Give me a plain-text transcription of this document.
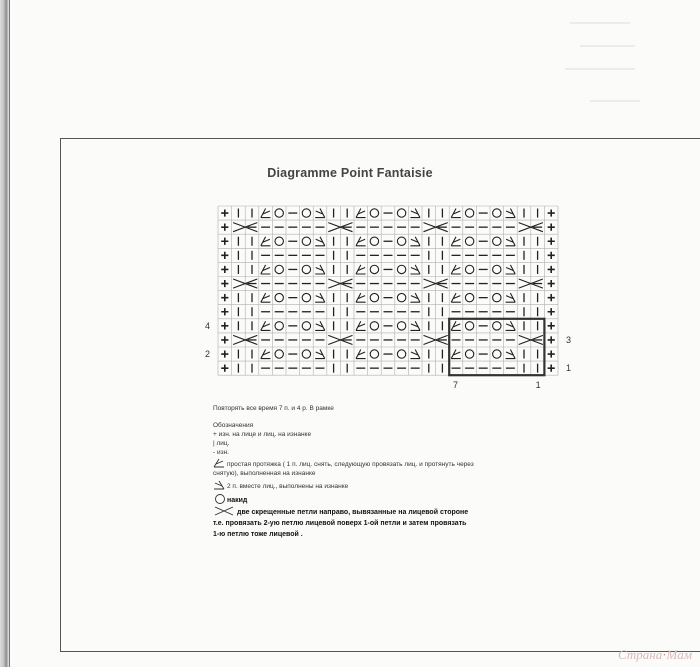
Diagramme Point Fantaisie
4
2
3
1
7	1
Повторять все время 7 п. и 4 р. В рамке
Обозначения
+ изн. на лице и лиц. на изнанке
| лиц.
- изн.
простая протяжка ( 1 п. лиц. снять, следующую провязать лиц. и протянуть через
снятую), выполненная на изнанке
2 п. вместе лиц., выполнены на изнанке
накид
две скрещенные петли направо, вывязанные на лицевой стороне
т.е. провязать 2-ую петлю лицевой поверх 1-ой петли и затем провязать
1-ю петлю тоже лицевой .
Страна·Мам
